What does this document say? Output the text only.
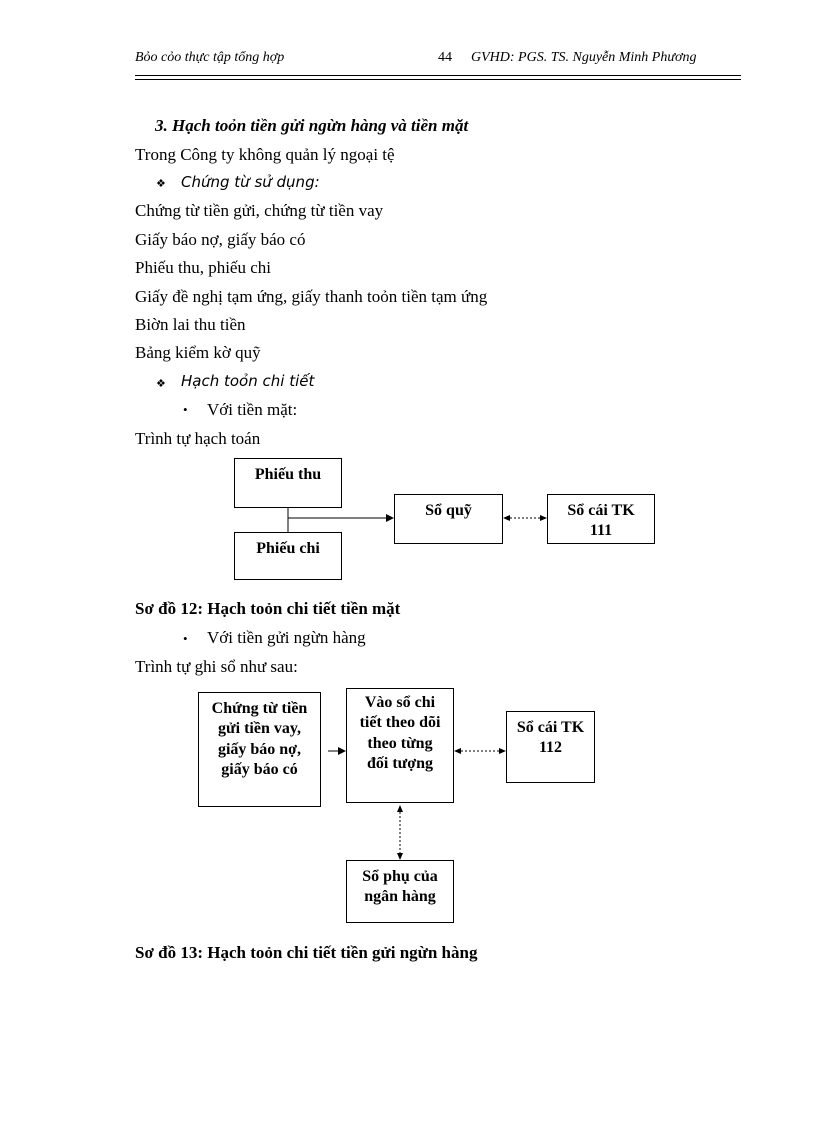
Bỏo cỏo thực tập tổng hợp	44 GVHD: PGS. TS. Nguyễn Minh Phương
3. Hạch toỏn tiền gửi ngừn hàng và tiền mặt
Trong Công ty không quản lý ngoại tệ
❖ Chứng từ sử dụng:
Chứng từ tiền gửi, chứng từ tiền vay
Giấy báo nợ, giấy báo có
Phiếu thu, phiếu chi
Giấy đề nghị tạm ứng, giấy thanh toỏn tiền tạm ứng
Biờn lai thu tiền
Bảng kiểm kờ quỹ
❖ Hạch toỏn chi tiết
• Với tiền mặt:
Trình tự hạch toán
Phiếu thu
Phiếu chi
Sổ quỹ	Sổ cái TK 111
Sơ đồ 12: Hạch toỏn chi tiết tiền mặt
• Với tiền gửi ngừn hàng
Trình tự ghi sổ như sau:
Chứng từ tiền gửi tiền vay, giấy báo nợ, giấy báo có
Vào sổ chi tiết theo dõi theo từng đối tượng
Sổ cái TK 112
Sổ phụ của ngân hàng
Sơ đồ 13: Hạch toỏn chi tiết tiền gửi ngừn hàng
